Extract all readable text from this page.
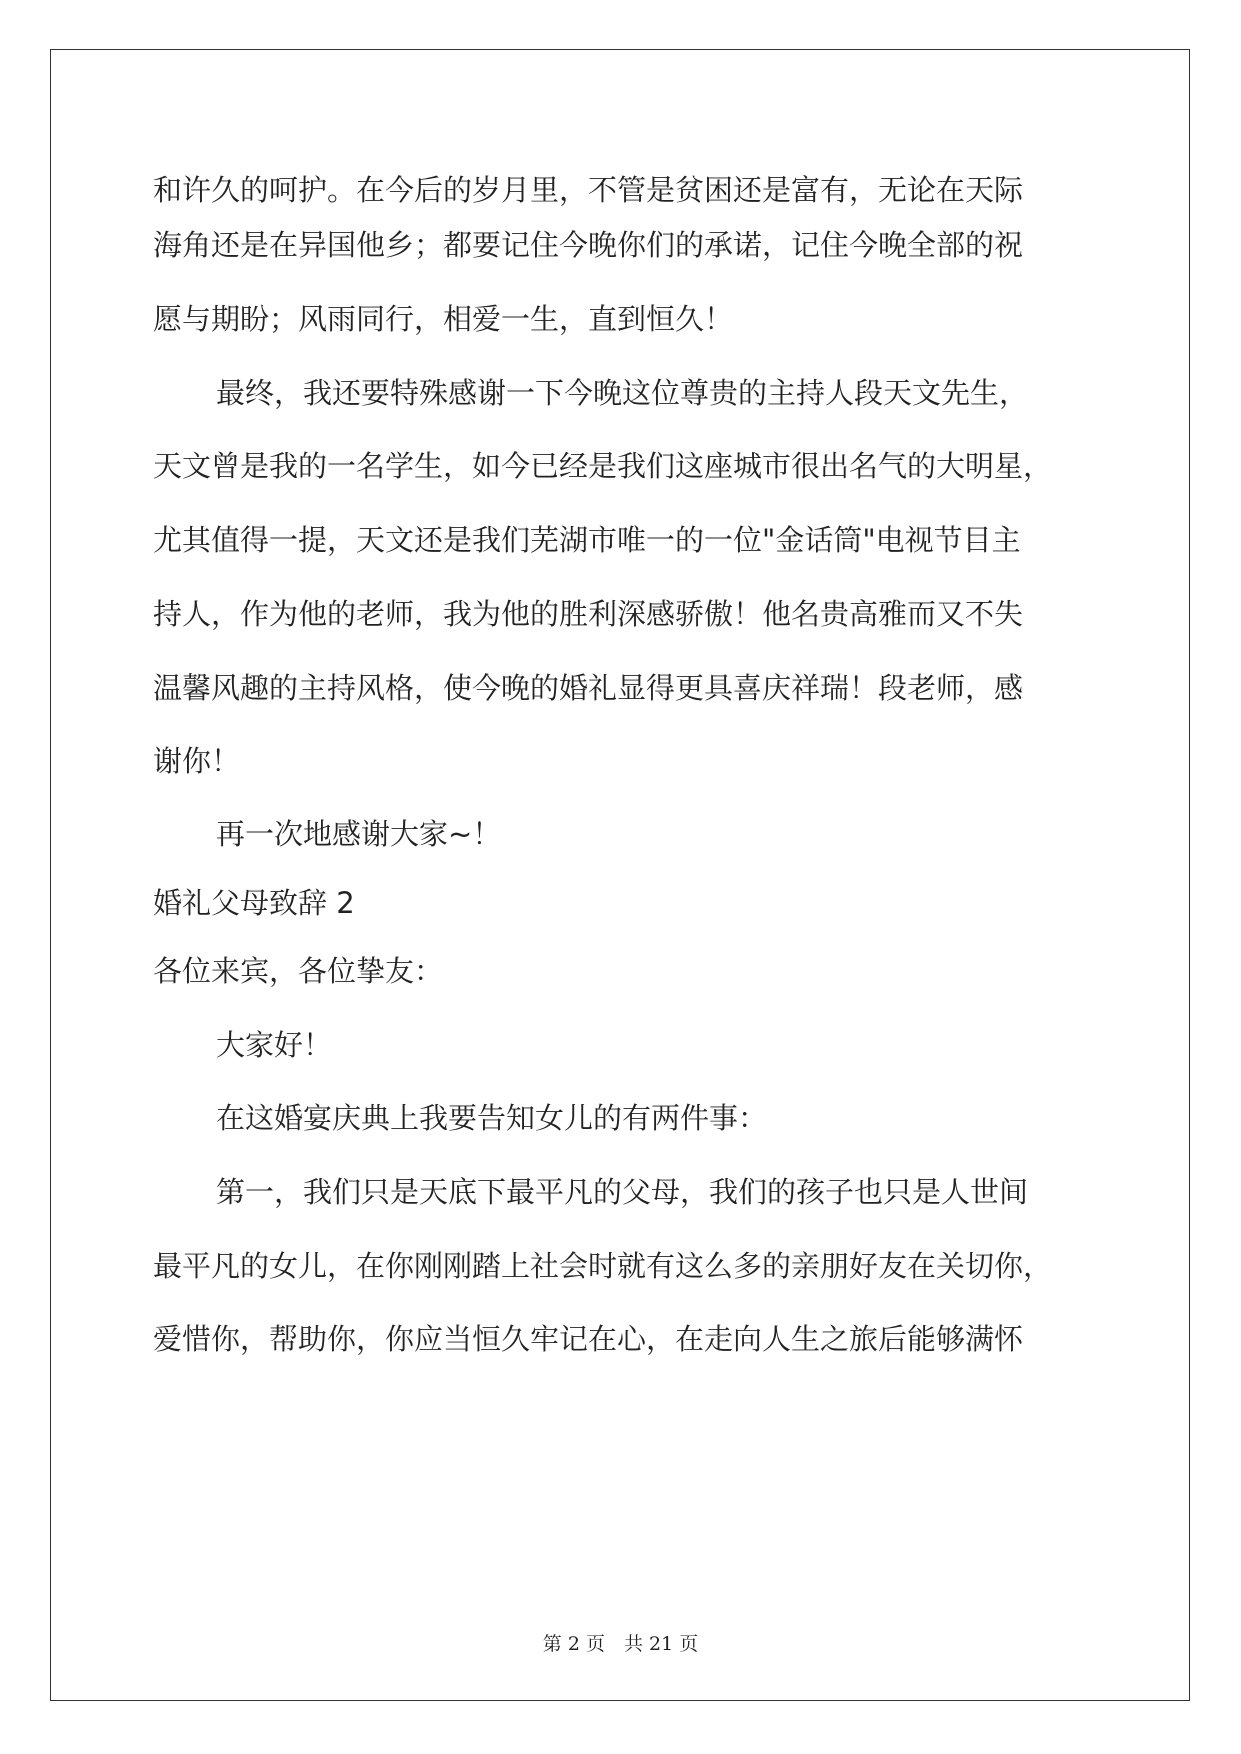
和许久的呵护。在今后的岁月里，不管是贫困还是富有，无论在天际

海角还是在异国他乡；都要记住今晚你们的承诺，记住今晚全部的祝

愿与期盼；风雨同行，相爱一生，直到恒久！

最终，我还要特殊感谢一下今晚这位尊贵的主持人段天文先生，

天文曾是我的一名学生，如今已经是我们这座城市很出名气的大明星，

尤其值得一提，天文还是我们芜湖市唯一的一位"金话筒"电视节目主

持人，作为他的老师，我为他的胜利深感骄傲！他名贵高雅而又不失

温馨风趣的主持风格，使今晚的婚礼显得更具喜庆祥瑞！段老师，感

谢你！

再一次地感谢大家~！

婚礼父母致辞 2

各位来宾，各位挚友：

大家好！

在这婚宴庆典上我要告知女儿的有两件事：

第一，我们只是天底下最平凡的父母，我们的孩子也只是人世间

最平凡的女儿，在你刚刚踏上社会时就有这么多的亲朋好友在关切你，

爱惜你，帮助你，你应当恒久牢记在心，在走向人生之旅后能够满怀

第 2 页　共 21 页
